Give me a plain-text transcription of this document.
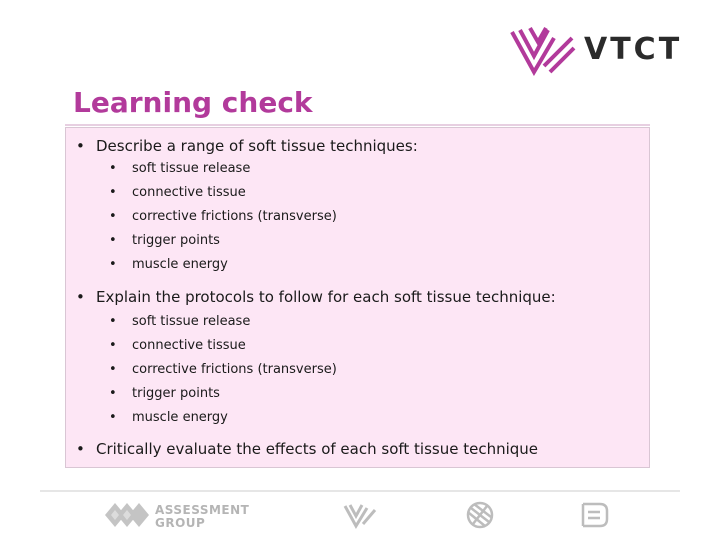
VTCT
Learning check
• Describe a range of soft tissue techniques:
• soft tissue release
• connective tissue
• corrective frictions (transverse)
• trigger points
• muscle energy
• Explain the protocols to follow for each soft tissue technique:
• soft tissue release
• connective tissue
• corrective frictions (transverse)
• trigger points
• muscle energy
• Critically evaluate the effects of each soft tissue technique
ASSESSMENT
GROUP
